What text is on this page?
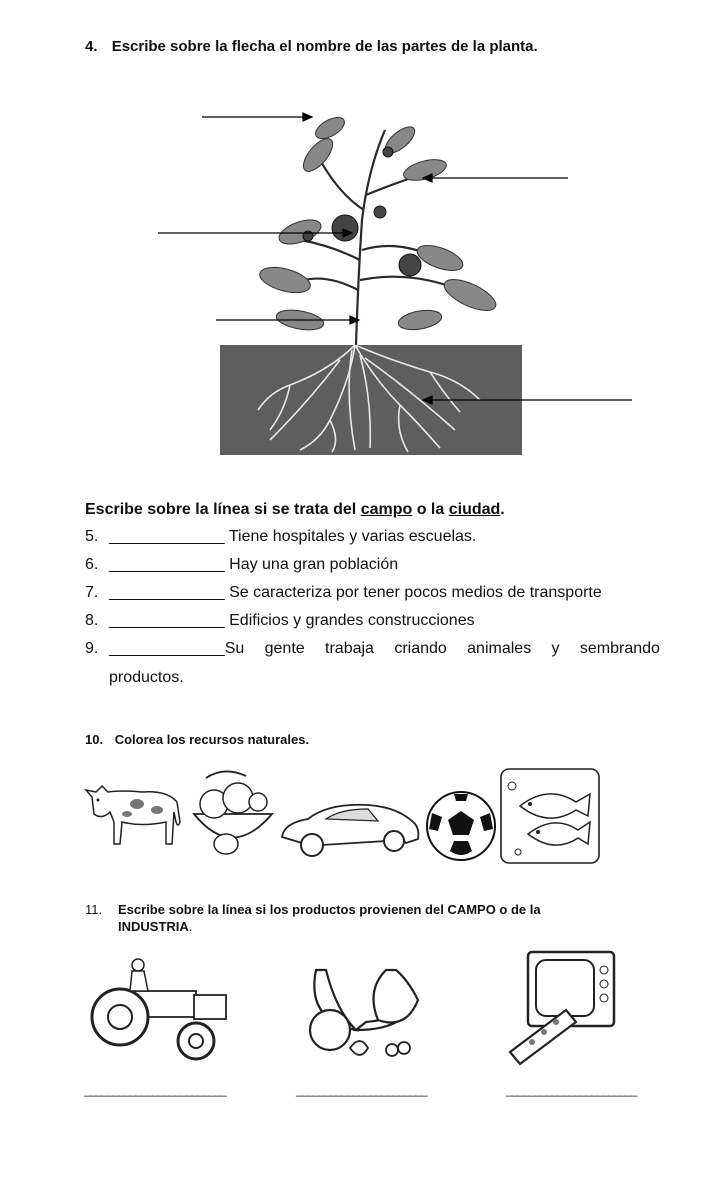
4. Escribe sobre la flecha el nombre de las partes de la planta.
Escribe sobre la línea si se trata del campo o la ciudad.
5. _____________ Tiene hospitales y varias escuelas.
6. _____________ Hay una gran población
7. _____________ Se caracteriza por tener pocos medios de transporte
8. _____________ Edificios y grandes construcciones
9. _____________Su gente trabaja criando animales y sembrando
productos.
10. Colorea los recursos naturales.
11. Escribe sobre la línea si los productos provienen del CAMPO o de la
INDUSTRIA.
_________________________	_______________________	_______________________
